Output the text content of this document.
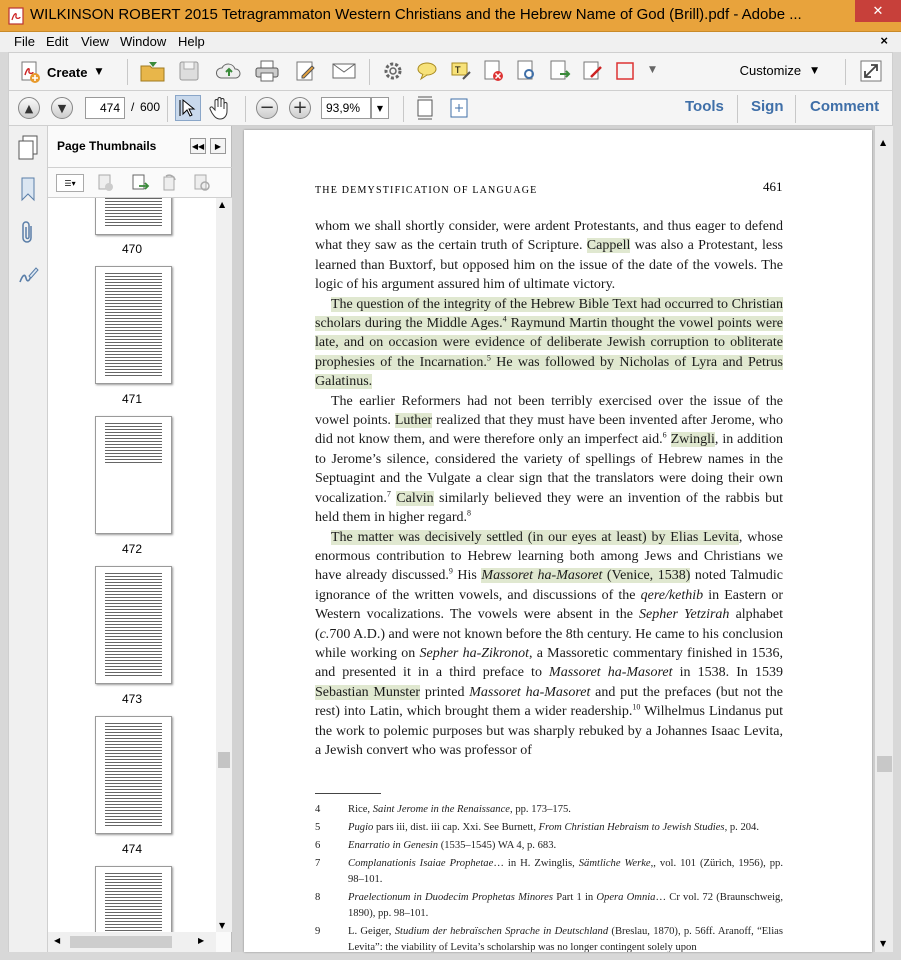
WILKINSON ROBERT 2015 Tetragrammaton Western Christians and the Hebrew Name of God (Brill).pdf - Adobe ...	✕
File Edit View Window Help	×
Create ▼	T	▼	Customize ▼
▲ ▼
474	/ 600	− +
93,9%	▼	Tools Sign Comment
Page Thumbnails	◀◀	▶
☰▾
470
471
472
473
474
▲
▼
◀	▶
THE DEMYSTIFICATION OF LANGUAGE	461

whom we shall shortly consider, were ardent Protestants, and thus eager to defend what they saw as the certain truth of Scripture. Cappell was also a Protestant, less learned than Buxtorf, but opposed him on the issue of the date of the vowels. The logic of his argument assured him of ultimate victory.

The question of the integrity of the Hebrew Bible Text had occurred to Christian scholars during the Middle Ages.$^4$ Raymund Martin thought the vowel points were late, and on occasion were evidence of deliberate Jewish corruption to obliterate prophesies of the Incarnation.$^5$ He was followed by Nicholas of Lyra and Petrus Galatinus.

The earlier Reformers had not been terribly exercised over the issue of the vowel points. Luther realized that they must have been invented after Jerome, who did not know them, and were therefore only an imperfect aid.$^6$ Zwingli, in addition to Jerome’s silence, considered the variety of spellings of Hebrew names in the Septuagint and the Vulgate a clear sign that the translators were doing their own vocalization.$^7$ Calvin similarly believed they were an invention of the rabbis but held them in higher regard.$^8$

The matter was decisively settled (in our eyes at least) by Elias Levita, whose enormous contribution to Hebrew learning both among Jews and Christians we have already discussed.$^9$ His Massoret ha-Masoret (Venice, 1538) noted Talmudic ignorance of the written vowels, and discussions of the qere/kethib in Eastern or Western vocalizations. The vowels were absent in the Sepher Yetzirah alphabet (c.700 A.D.) and were not known before the 8th century. He came to his conclusion while working on Sepher ha-Zikronot, a Massoretic commentary finished in 1536, and presented it in a third preface to Massoret ha-Masoret in 1538. In 1539 Sebastian Munster printed Massoret ha-Masoret and put the prefaces (but not the rest) into Latin, which brought them a wider readership.$^{10}$ Wilhelmus Lindanus put the work to polemic purposes but was sharply rebuked by a Johannes Isaac Levita, a Jewish convert who was professor of

4	Rice, Saint Jerome in the Renaissance, pp. 173–175.
5	Pugio pars iii, dist. iii cap. Xxi. See Burnett, From Christian Hebraism to Jewish Studies, p. 204.
6	Enarratio in Genesin (1535–1545) WA 4, p. 683.
7	Complanationis Isaiae Prophetae… in H. Zwinglis, Sämtliche Werke,, vol. 101 (Zürich, 1956), pp. 98–101.
8	Praelectionum in Duodecim Prophetas Minores Part 1 in Opera Omnia… Cr vol. 72 (Braunschweig, 1890), pp. 98–101.
9	L. Geiger, Studium der hebraïschen Sprache in Deutschland (Breslau, 1870), p. 56ff. Aranoff, “Elias Levita”: the viability of Levita’s scholarship was no longer contingent solely upon
▲
▼
